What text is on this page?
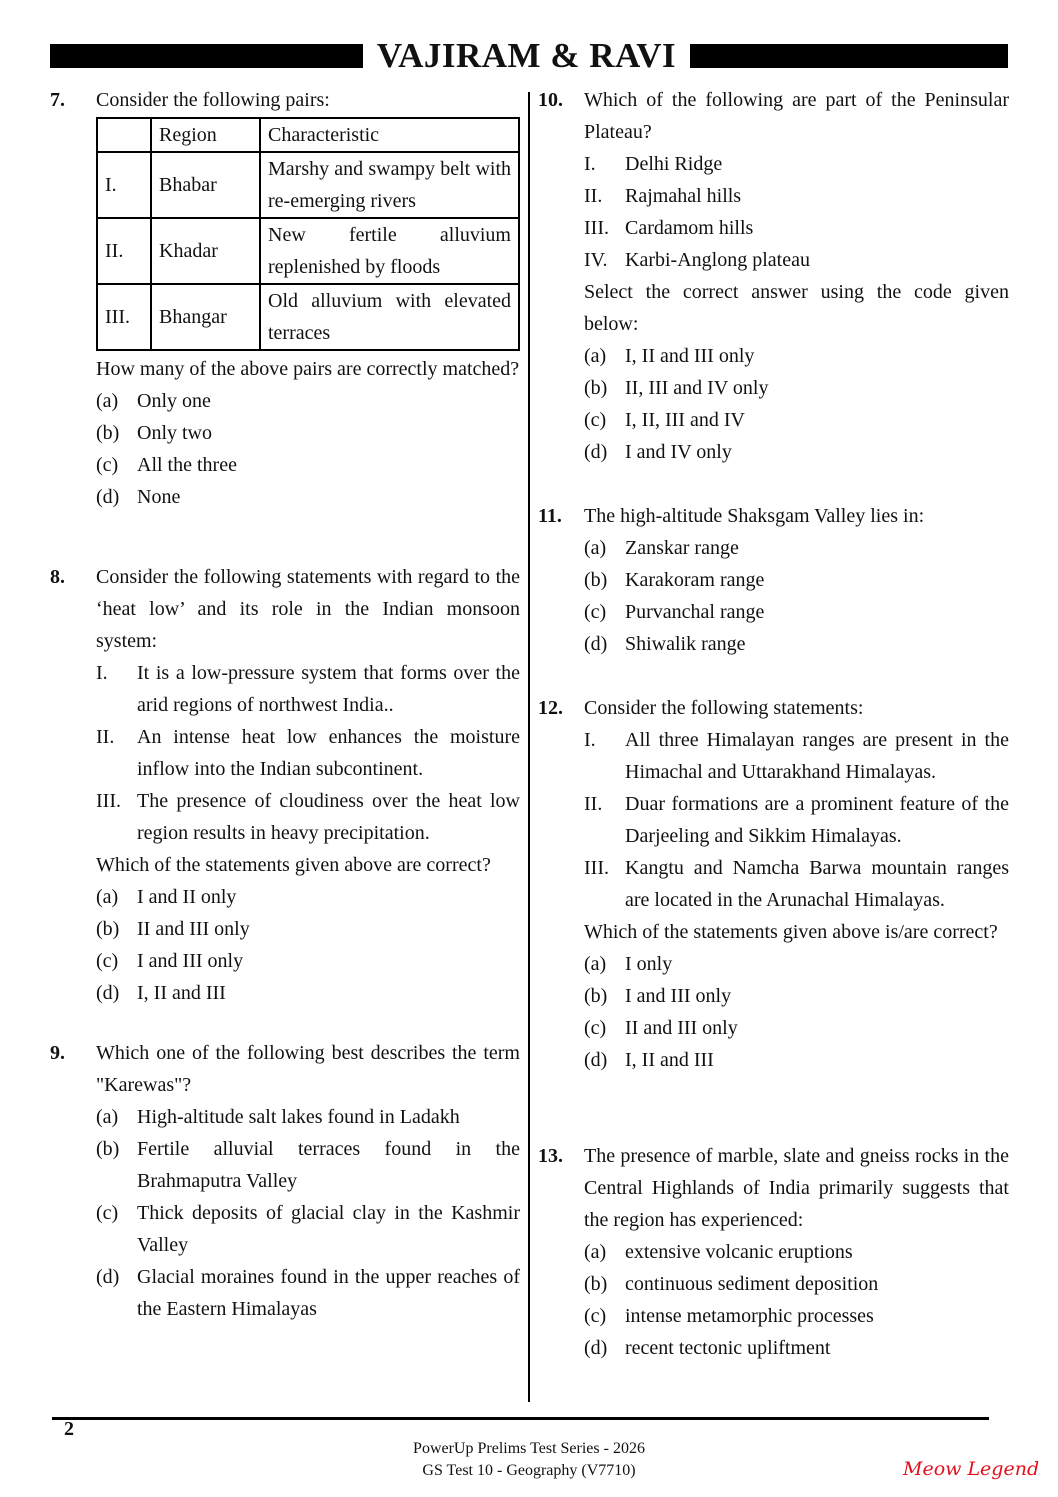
VAJIRAM & RAVI
7. Consider the following pairs:
	Region	Characteristic
I.	Bhabar	Marshy and swampy belt with re-emerging rivers
II.	Khadar	New fertile alluvium replenished by floods
III.	Bhangar	Old alluvium with elevated terraces
How many of the above pairs are correctly matched?
(a) Only one
(b) Only two
(c) All the three
(d) None
8. Consider the following statements with regard to the ‘heat low’ and its role in the Indian monsoon system:
I.	It is a low-pressure system that forms over the arid regions of northwest India..
II.	An intense heat low enhances the moisture inflow into the Indian subcontinent.
III. The presence of cloudiness over the heat low region results in heavy precipitation.
Which of the statements given above are correct?
(a) I and II only
(b) II and III only
(c) I and III only
(d) I, II and III
9. Which one of the following best describes the term "Karewas"?
(a) High-altitude salt lakes found in Ladakh
(b) Fertile alluvial terraces found in the Brahmaputra Valley
(c) Thick deposits of glacial clay in the Kashmir Valley
(d) Glacial moraines found in the upper reaches of the Eastern Himalayas
10. Which of the following are part of the Peninsular Plateau?
I.	Delhi Ridge
II.	Rajmahal hills
III. Cardamom hills
IV. Karbi-Anglong plateau
Select the correct answer using the code given below:
(a) I, II and III only
(b) II, III and IV only
(c) I, II, III and IV
(d) I and IV only
11. The high-altitude Shaksgam Valley lies in:
(a) Zanskar range
(b) Karakoram range
(c) Purvanchal range
(d) Shiwalik range
12. Consider the following statements:
I.	All three Himalayan ranges are present in the Himachal and Uttarakhand Himalayas.
II.	Duar formations are a prominent feature of the Darjeeling and Sikkim Himalayas.
III. Kangtu and Namcha Barwa mountain ranges are located in the Arunachal Himalayas.
Which of the statements given above is/are correct?
(a) I only
(b) I and III only
(c) II and III only
(d) I, II and III
13. The presence of marble, slate and gneiss rocks in the Central Highlands of India primarily suggests that the region has experienced:
(a) extensive volcanic eruptions
(b) continuous sediment deposition
(c) intense metamorphic processes
(d) recent tectonic upliftment
2
PowerUp Prelims Test Series - 2026
GS Test 10 - Geography (V7710)	Meow Legend
